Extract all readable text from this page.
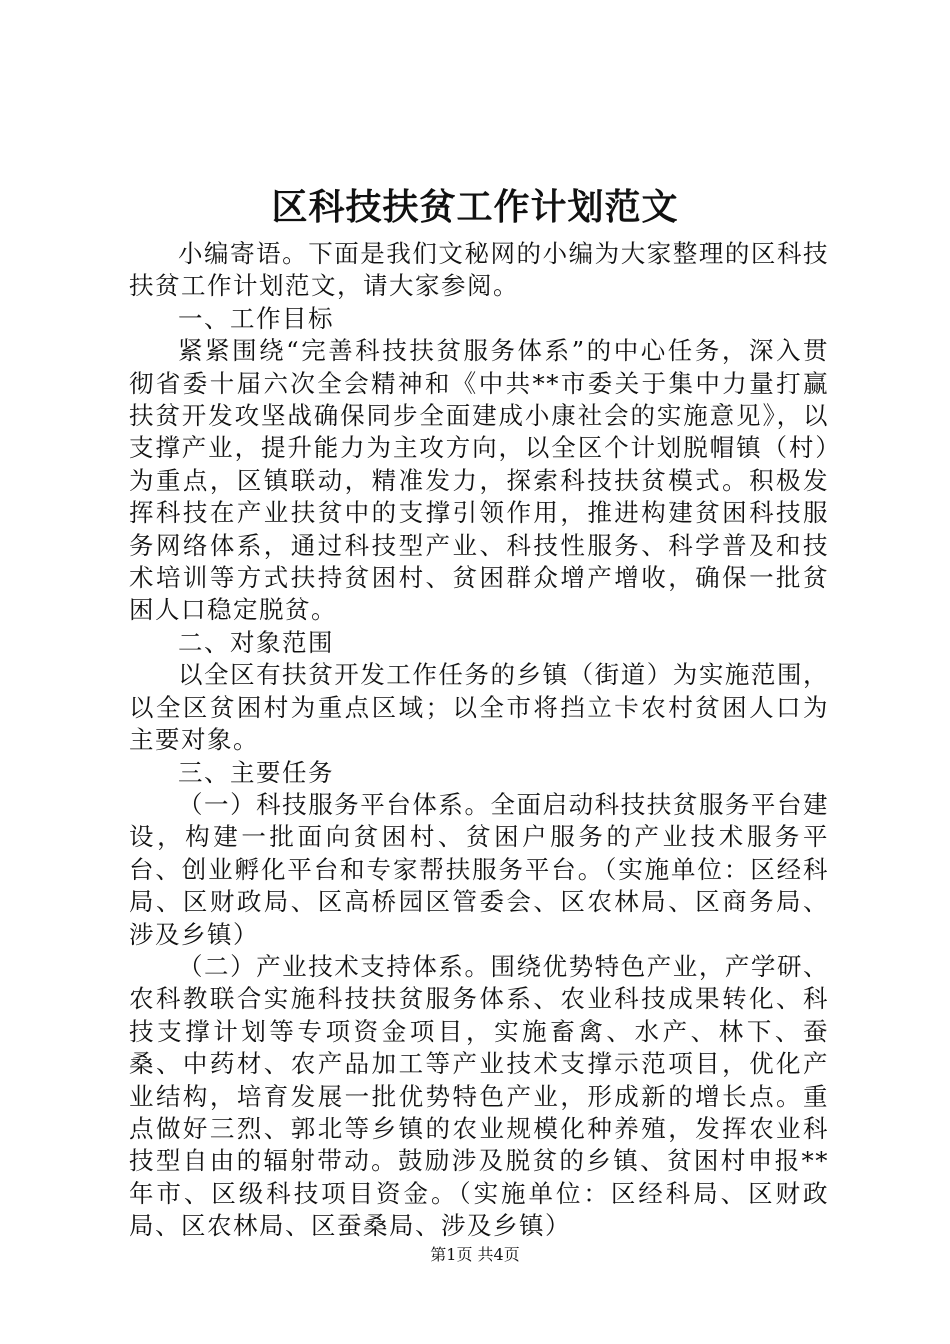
区科技扶贫工作计划范文

小编寄语。下面是我们文秘网的小编为大家整理的区科技扶贫工作计划范文，请大家参阅。

一、工作目标

紧紧围绕“完善科技扶贫服务体系”的中心任务，深入贯彻省委十届六次全会精神和《中共**市委关于集中力量打赢扶贫开发攻坚战确保同步全面建成小康社会的实施意见》，以支撑产业，提升能力为主攻方向，以全区个计划脱帽镇（村）为重点，区镇联动，精准发力，探索科技扶贫模式。积极发挥科技在产业扶贫中的支撑引领作用，推进构建贫困科技服务网络体系，通过科技型产业、科技性服务、科学普及和技术培训等方式扶持贫困村、贫困群众增产增收，确保一批贫困人口稳定脱贫。

二、对象范围

以全区有扶贫开发工作任务的乡镇（街道）为实施范围，以全区贫困村为重点区域；以全市将挡立卡农村贫困人口为主要对象。

三、主要任务

（一）科技服务平台体系。全面启动科技扶贫服务平台建设，构建一批面向贫困村、贫困户服务的产业技术服务平台、创业孵化平台和专家帮扶服务平台。（实施单位：区经科局、区财政局、区高桥园区管委会、区农林局、区商务局、涉及乡镇）

（二）产业技术支持体系。围绕优势特色产业，产学研、农科教联合实施科技扶贫服务体系、农业科技成果转化、科技支撑计划等专项资金项目，实施畜禽、水产、林下、蚕桑、中药材、农产品加工等产业技术支撑示范项目，优化产业结构，培育发展一批优势特色产业，形成新的增长点。重点做好三烈、郭北等乡镇的农业规模化种养殖，发挥农业科技型自由的辐射带动。鼓励涉及脱贫的乡镇、贫困村申报**年市、区级科技项目资金。（实施单位：区经科局、区财政局、区农林局、区蚕桑局、涉及乡镇）

第1页 共4页
